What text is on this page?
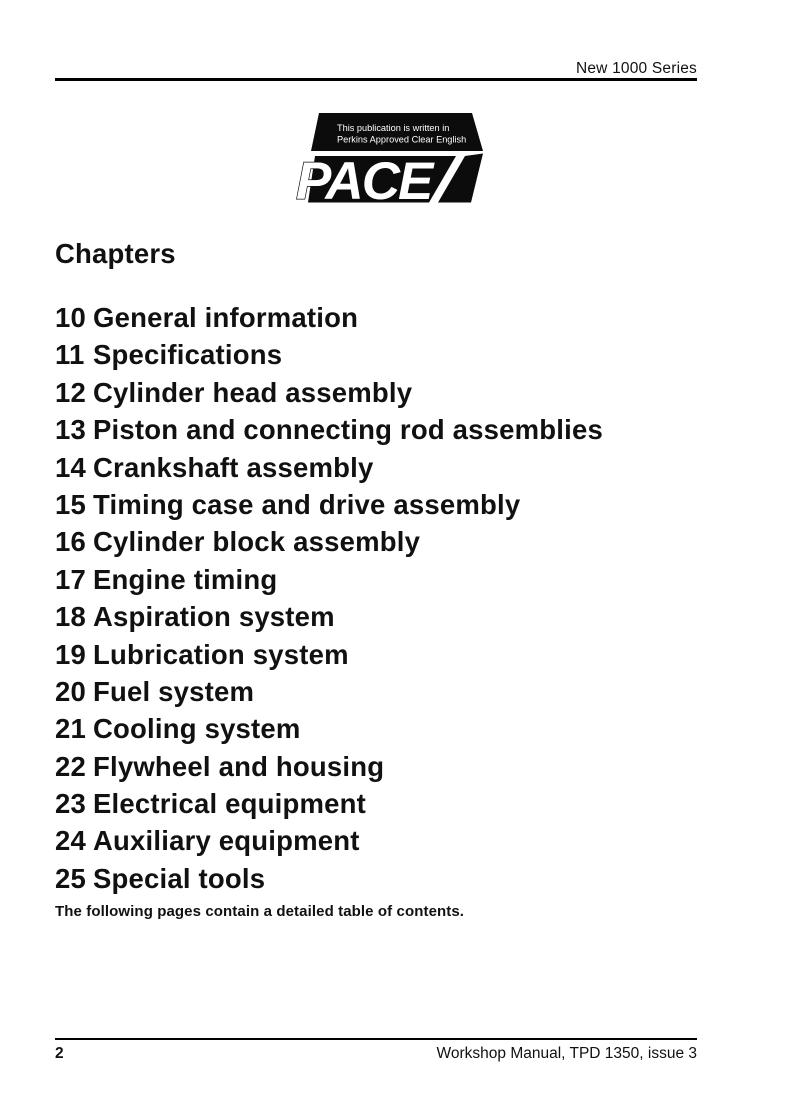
New 1000 Series
This publication is written in
Perkins Approved Clear English
PACE
Chapters
10 General information
11 Specifications
12 Cylinder head assembly
13 Piston and connecting rod assemblies
14 Crankshaft assembly
15 Timing case and drive assembly
16 Cylinder block assembly
17 Engine timing
18 Aspiration system
19 Lubrication system
20 Fuel system
21 Cooling system
22 Flywheel and housing
23 Electrical equipment
24 Auxiliary equipment
25 Special tools
The following pages contain a detailed table of contents.
2	Workshop Manual, TPD 1350, issue 3
